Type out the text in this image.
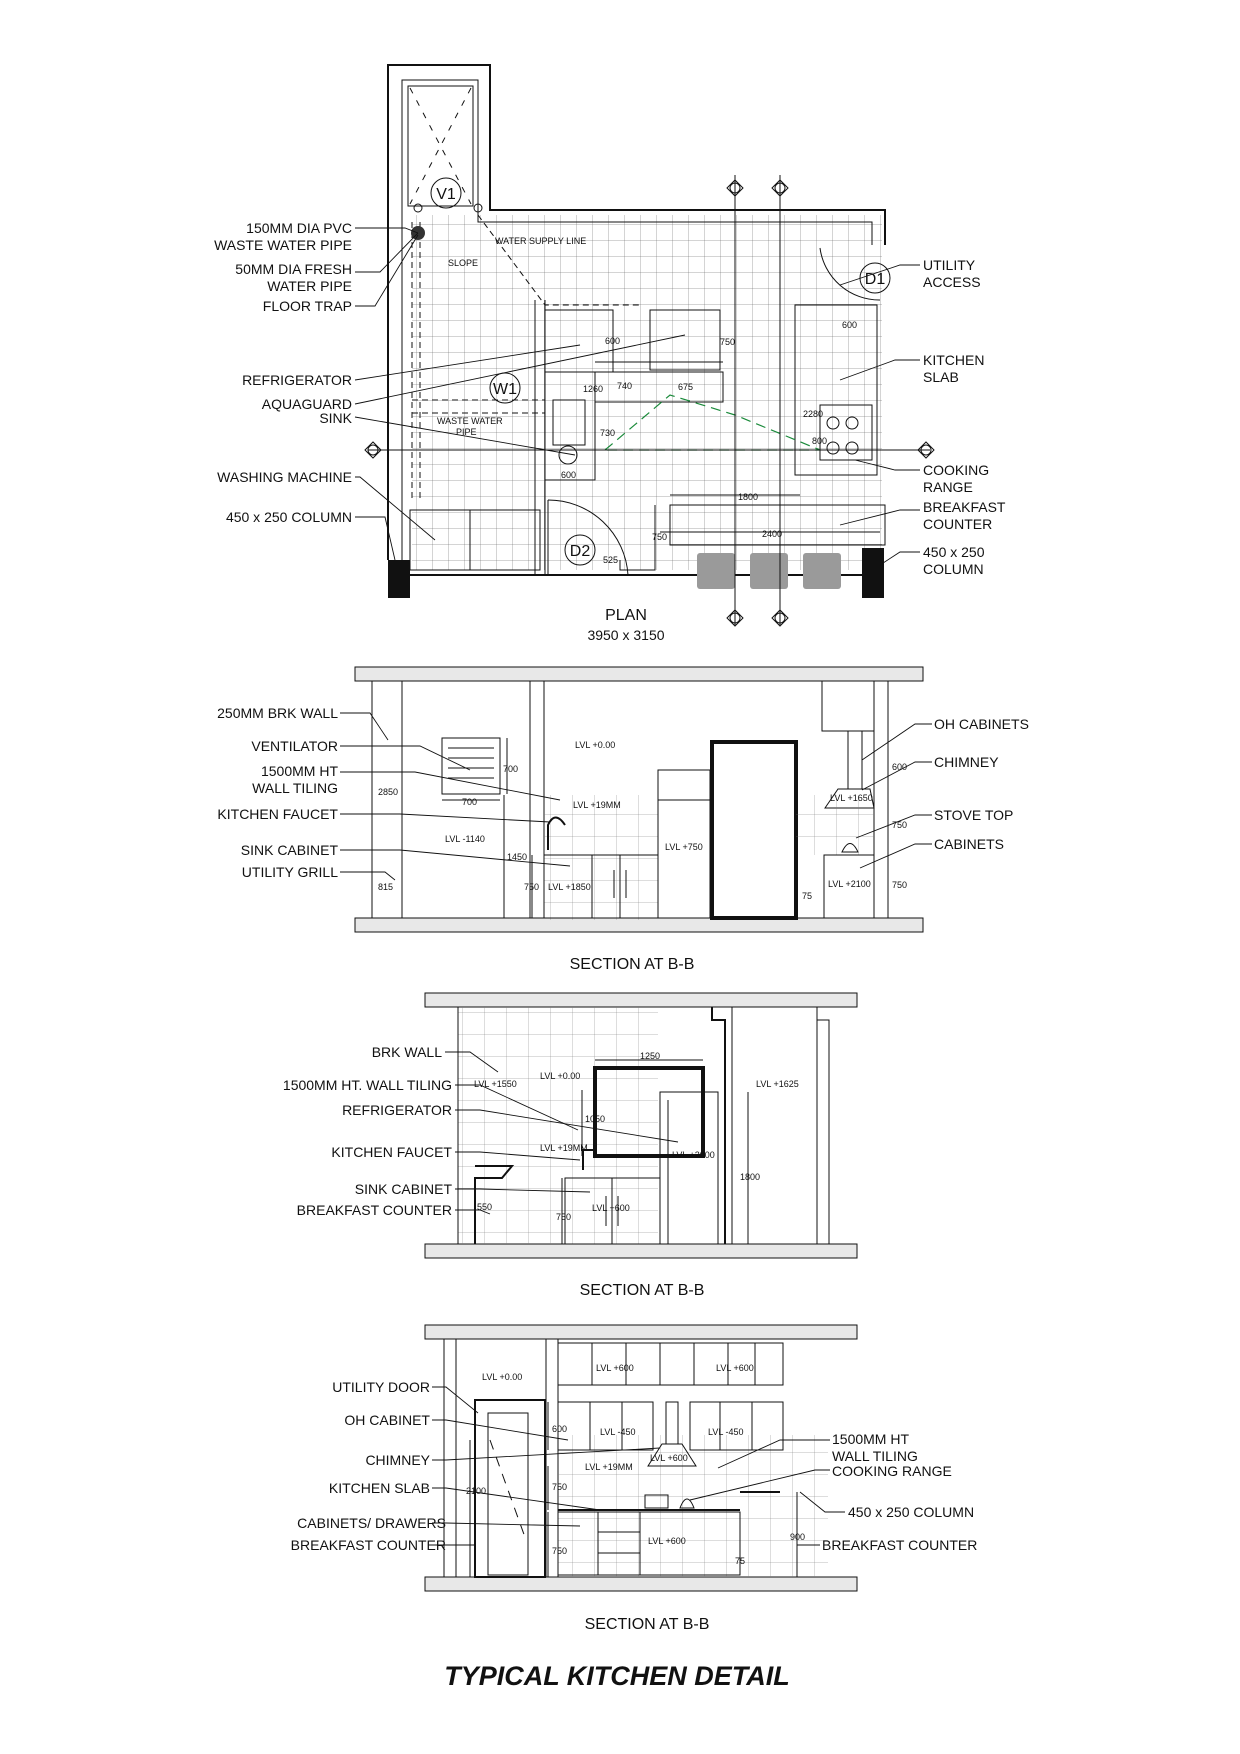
V1
W1
D1
D2
WATER SUPPLY LINE
SLOPE
WASTE WATER
PIPE
600	750
675
740
1260
730
600
600
2280
800
1800
2400
750
525
150MM DIA PVC
WASTE WATER PIPE
50MM DIA FRESH
WATER PIPE
FLOOR TRAP
REFRIGERATOR
AQUAGUARD
SINK
WASHING MACHINE
450 x 250 COLUMN
UTILITY
ACCESS
KITCHEN
SLAB
COOKING
RANGE
BREAKFAST
COUNTER
450 x 250
COLUMN
PLAN
3950 x 3150
LVL +0.00
LVL +19MM
LVL -1140
LVL +1850
LVL +750
LVL +1650
LVL +2100
700
700
2850
1450
750
815
600
750
750
75
250MM BRK WALL
VENTILATOR
1500MM HT
WALL TILING
KITCHEN FAUCET
SINK CABINET
UTILITY GRILL
OH CABINETS
CHIMNEY
STOVE TOP
CABINETS
SECTION AT B-B
LVL +1550
LVL +0.00
LVL +19MM
LVL +2000
LVL +600
LVL +1625
1250
1050
1800
550
750
BRK WALL
1500MM HT. WALL TILING
REFRIGERATOR
KITCHEN FAUCET
SINK CABINET
BREAKFAST COUNTER
SECTION AT B-B
LVL +0.00
LVL +600	LVL +600
LVL -450	LVL -450
LVL +19MM
LVL +600
LVL +600
600
750
2100
750
75
900
UTILITY DOOR
OH CABINET
CHIMNEY
KITCHEN SLAB
CABINETS/ DRAWERS
BREAKFAST COUNTER
1500MM HT
WALL TILING
COOKING RANGE
450 x 250 COLUMN
BREAKFAST COUNTER
SECTION AT B-B
TYPICAL KITCHEN DETAIL
